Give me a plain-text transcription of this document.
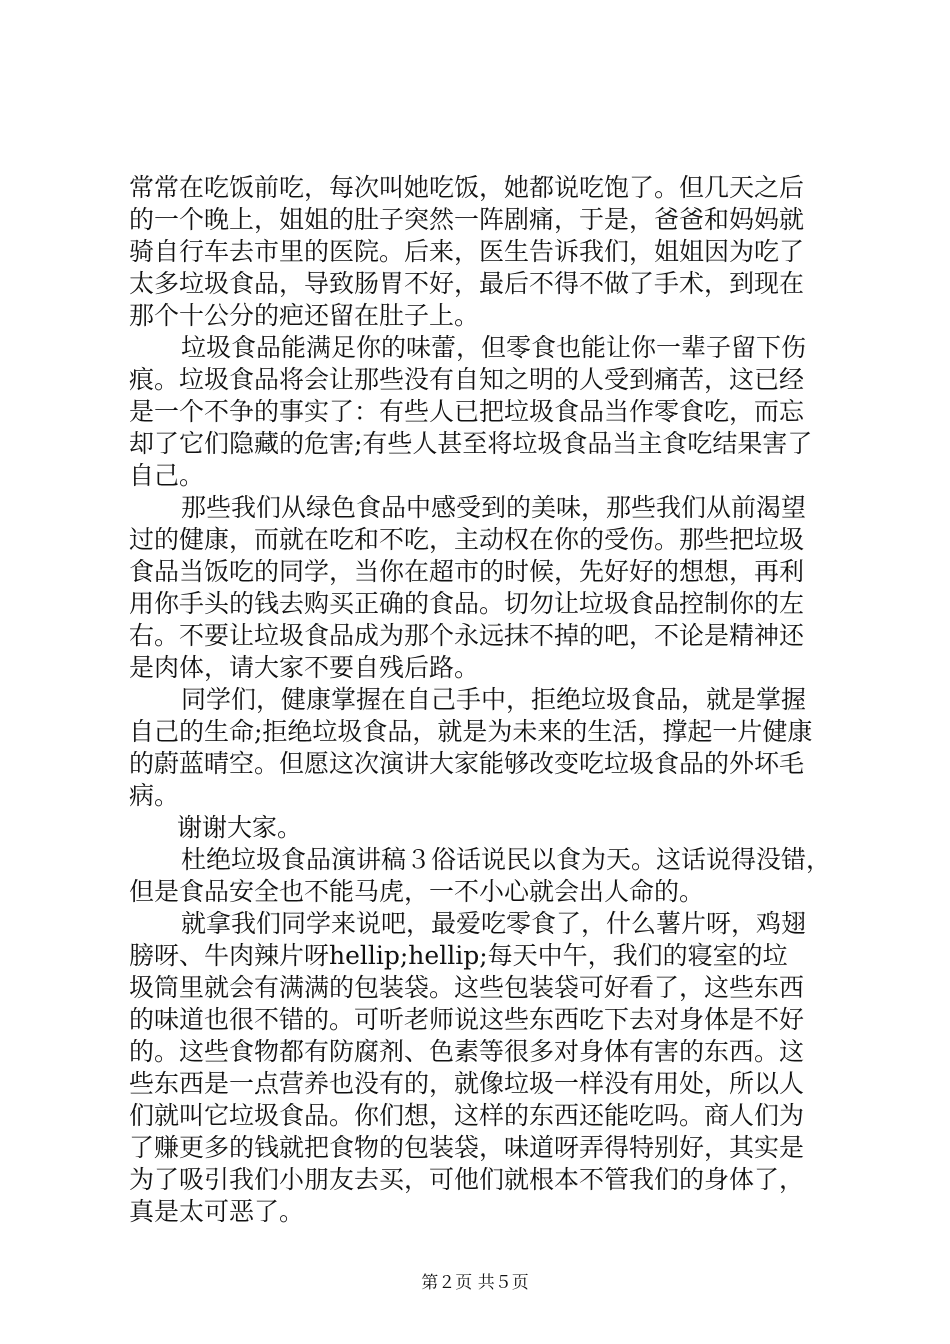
常常在吃饭前吃，每次叫她吃饭，她都说吃饱了。但几天之后
的一个晚上，姐姐的肚子突然一阵剧痛，于是，爸爸和妈妈就
骑自行车去市里的医院。后来，医生告诉我们，姐姐因为吃了
太多垃圾食品，导致肠胃不好，最后不得不做了手术，到现在
那个十公分的疤还留在肚子上。
垃圾食品能满足你的味蕾，但零食也能让你一辈子留下伤
痕。垃圾食品将会让那些没有自知之明的人受到痛苦，这已经
是一个不争的事实了：有些人已把垃圾食品当作零食吃，而忘
却了它们隐藏的危害;有些人甚至将垃圾食品当主食吃结果害了
自己。
那些我们从绿色食品中感受到的美味，那些我们从前渴望
过的健康，而就在吃和不吃，主动权在你的受伤。那些把垃圾
食品当饭吃的同学，当你在超市的时候，先好好的想想，再利
用你手头的钱去购买正确的食品。切勿让垃圾食品控制你的左
右。不要让垃圾食品成为那个永远抹不掉的吧，不论是精神还
是肉体，请大家不要自残后路。
同学们，健康掌握在自己手中，拒绝垃圾食品，就是掌握
自己的生命;拒绝垃圾食品，就是为未来的生活，撑起一片健康
的蔚蓝晴空。但愿这次演讲大家能够改变吃垃圾食品的外坏毛
病。
谢谢大家。
杜绝垃圾食品演讲稿３俗话说民以食为天。这话说得没错，
但是食品安全也不能马虎，一不小心就会出人命的。
就拿我们同学来说吧，最爱吃零食了，什么薯片呀，鸡翅
膀呀、牛肉辣片呀hellip;hellip;每天中午，我们的寝室的垃
圾筒里就会有满满的包装袋。这些包装袋可好看了，这些东西
的味道也很不错的。可听老师说这些东西吃下去对身体是不好
的。这些食物都有防腐剂、色素等很多对身体有害的东西。这
些东西是一点营养也没有的，就像垃圾一样没有用处，所以人
们就叫它垃圾食品。你们想，这样的东西还能吃吗。商人们为
了赚更多的钱就把食物的包装袋，味道呀弄得特别好，其实是
为了吸引我们小朋友去买，可他们就根本不管我们的身体了，
真是太可恶了。
第２页 共５页
